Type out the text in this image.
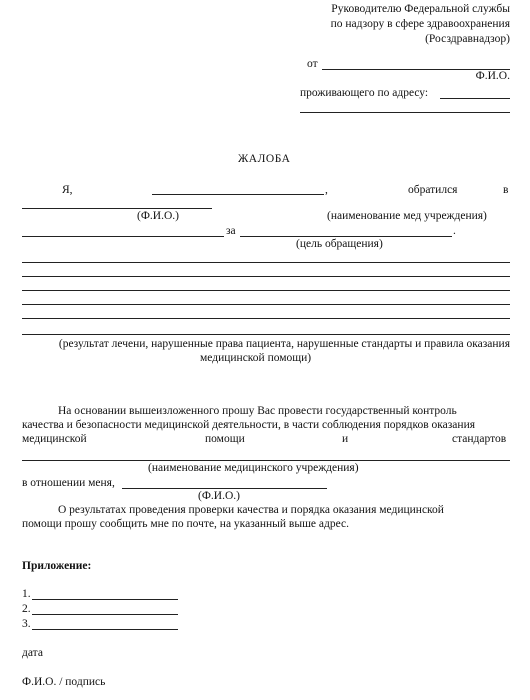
Руководителю Федеральной службы
по надзору в сфере здравоохранения
(Росздравнадзор)
от
Ф.И.О.
проживающего по адресу:
ЖАЛОБА
Я,	,	обратился	в
(Ф.И.О.)	(наименование мед учреждения)
за	.
(цель обращения)
(результат лечени, нарушенные права пациента, нарушенные стандарты и правила оказания
медицинской помощи)
На основании вышеизложенного прошу Вас провести государственный контроль
качества и безопасности медицинской деятельности, в части соблюдения порядков оказания
медицинской	помощи	и	стандартов
(наименование медицинского учреждения)
в отношении меня,
(Ф.И.О.)
О результатах проведения проверки качества и порядка оказания медицинской
помощи прошу сообщить мне по почте, на указанный выше адрес.
Приложение:
1.
2.
3.
дата
Ф.И.О. / подпись
